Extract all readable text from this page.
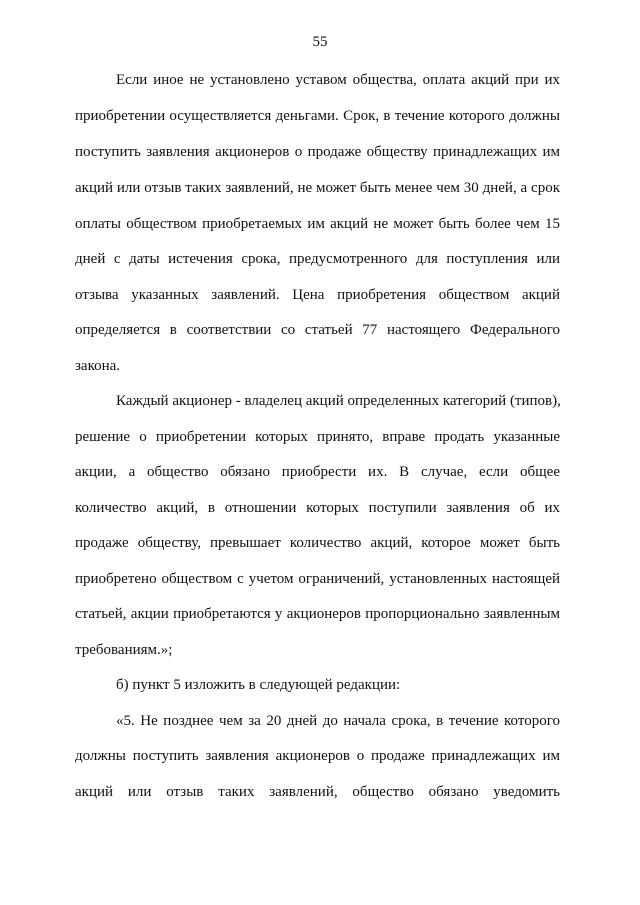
55
Если иное не установлено уставом общества, оплата акций при их
приобретении осуществляется деньгами. Срок, в течение которого должны
поступить заявления акционеров о продаже обществу принадлежащих им
акций или отзыв таких заявлений, не может быть менее чем 30 дней, а срок
оплаты обществом приобретаемых им акций не может быть более чем 15
дней с даты истечения срока, предусмотренного для поступления или
отзыва указанных заявлений. Цена приобретения обществом акций
определяется в соответствии со статьей 77 настоящего Федерального
закона.
Каждый акционер - владелец акций определенных категорий (типов),
решение о приобретении которых принято, вправе продать указанные
акции, а общество обязано приобрести их. В случае, если общее
количество акций, в отношении которых поступили заявления об их
продаже обществу, превышает количество акций, которое может быть
приобретено обществом с учетом ограничений, установленных настоящей
статьей, акции приобретаются у акционеров пропорционально заявленным
требованиям.»;
б) пункт 5 изложить в следующей редакции:
«5. Не позднее чем за 20 дней до начала срока, в течение которого
должны поступить заявления акционеров о продаже принадлежащих им
акций или отзыв таких заявлений, общество обязано уведомить
